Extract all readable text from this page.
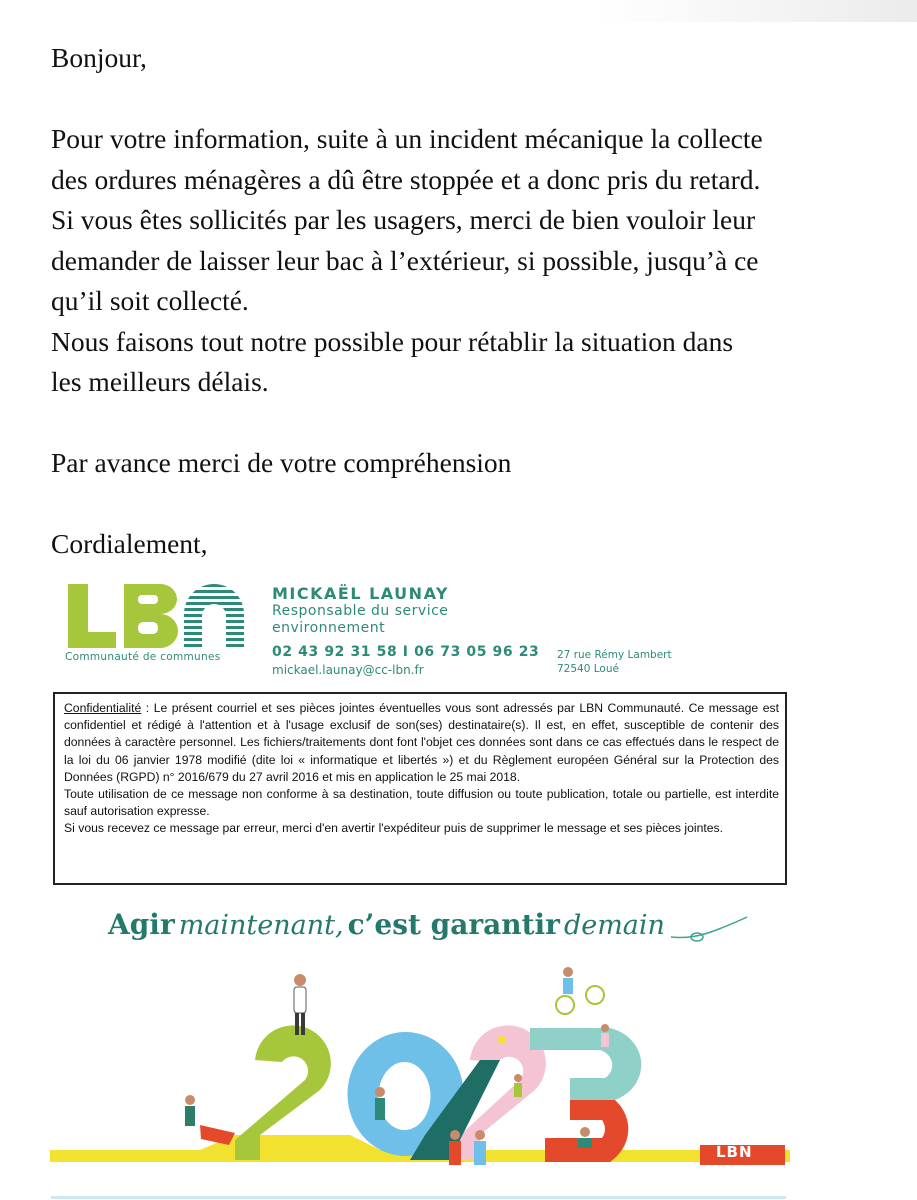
Bonjour,

Pour votre information, suite à un incident mécanique la collecte

des ordures ménagères a dû être stoppée et a donc pris du retard.

Si vous êtes sollicités par les usagers, merci de bien vouloir leur

demander de laisser leur bac à l’extérieur, si possible, jusqu’à ce

qu’il soit collecté.

Nous faisons tout notre possible pour rétablir la situation dans

les meilleurs délais.

Par avance merci de votre compréhension

Cordialement,

Communauté de communes
MICKAËL LAUNAY
Responsable du service
environnement
02 43 92 31 58 I 06 73 05 96 23
mickael.launay@cc-lbn.fr
27 rue Rémy Lambert
72540 Loué

Confidentialité : Le présent courriel et ses pièces jointes éventuelles vous sont adressés par LBN Communauté. Ce message est confidentiel et rédigé à l'attention et à l'usage exclusif de son(ses) destinataire(s). Il est, en effet, susceptible de contenir des données à caractère personnel. Les fichiers/traitements dont font l'objet ces données sont dans ce cas effectués dans le respect de la loi du 06 janvier 1978 modifié (dite loi « informatique et libertés ») et du Règlement européen Général sur la Protection des Données (RGPD) n° 2016/679 du 27 avril 2016 et mis en application le 25 mai 2018.

Toute utilisation de ce message non conforme à sa destination, toute diffusion ou toute publication, totale ou partielle, est interdite sauf autorisation expresse.

Si vous recevez ce message par erreur, merci d'en avertir l'expéditeur puis de supprimer le message et ses pièces jointes.

Agir maintenant, c’est garantir demain
LBN
